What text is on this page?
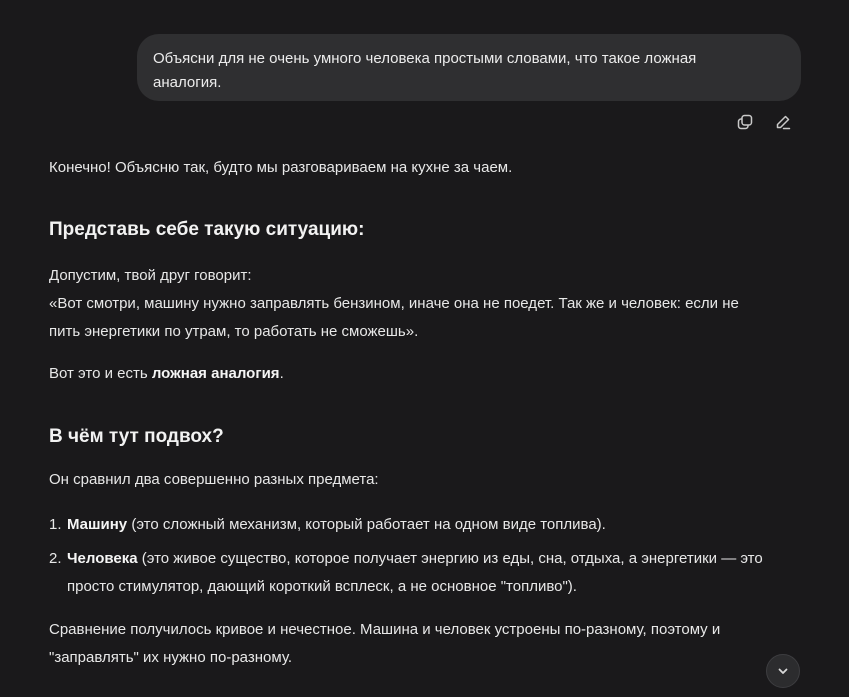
Объясни для не очень умного человека простыми словами, что такое ложная
аналогия.

Конечно! Объясню так, будто мы разговариваем на кухне за чаем.

Представь себе такую ситуацию:

Допустим, твой друг говорит:
«Вот смотри, машину нужно заправлять бензином, иначе она не поедет. Так же и человек: если не
пить энергетики по утрам, то работать не сможешь».

Вот это и есть ложная аналогия.

В чём тут подвох?

Он сравнил два совершенно разных предмета:

1. Машину (это сложный механизм, который работает на одном виде топлива).
2. Человека (это живое существо, которое получает энергию из еды, сна, отдыха, а энергетики — это
просто стимулятор, дающий короткий всплеск, а не основное "топливо").

Сравнение получилось кривое и нечестное. Машина и человек устроены по-разному, поэтому и
"заправлять" их нужно по-разному.
